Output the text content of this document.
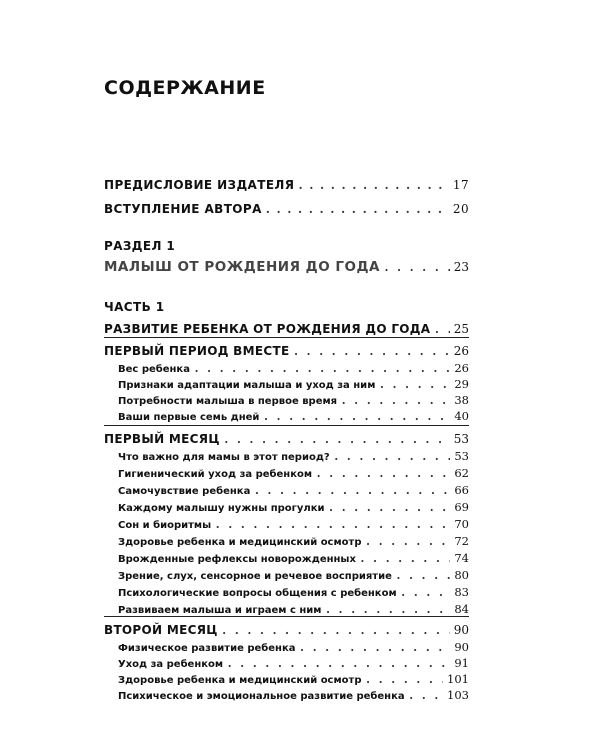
СОДЕРЖАНИЕ
ПРЕДИСЛОВИЕ ИЗДАТЕЛЯ . . .	17
ВСТУПЛЕНИЕ АВТОРА . . .	20
РАЗДЕЛ 1
МАЛЫШ ОТ РОЖДЕНИЯ ДО ГОДА . . .	23
ЧАСТЬ 1
РАЗВИТИЕ РЕБЕНКА ОТ РОЖДЕНИЯ ДО ГОДА . . . 25
ПЕРВЫЙ ПЕРИОД ВМЕСТЕ . . .	26
Вес ребенка . . .	26
Признаки адаптации малыша и уход за ним . . .	29
Потребности малыша в первое время . . .	38
Ваши первые семь дней . . .	40
ПЕРВЫЙ МЕСЯЦ . . .	53
Что важно для мамы в этот период? . . .	53
Гигиенический уход за ребенком . . .	62
Самочувствие ребенка . . .	66
Каждому малышу нужны прогулки . . .	69
Сон и биоритмы . . .	70
Здоровье ребенка и медицинский осмотр . . .	72
Врожденные рефлексы новорожденных . . .	74
Зрение, слух, сенсорное и речевое восприятие . . .	80
Психологические вопросы общения с ребенком . . .	83
Развиваем малыша и играем с ним . . .	84
ВТОРОЙ МЕСЯЦ . . .	90
Физическое развитие ребенка . . .	90
Уход за ребенком . . .	91
Здоровье ребенка и медицинский осмотр . . .	101
Психическое и эмоциональное развитие ребенка . . .	103
